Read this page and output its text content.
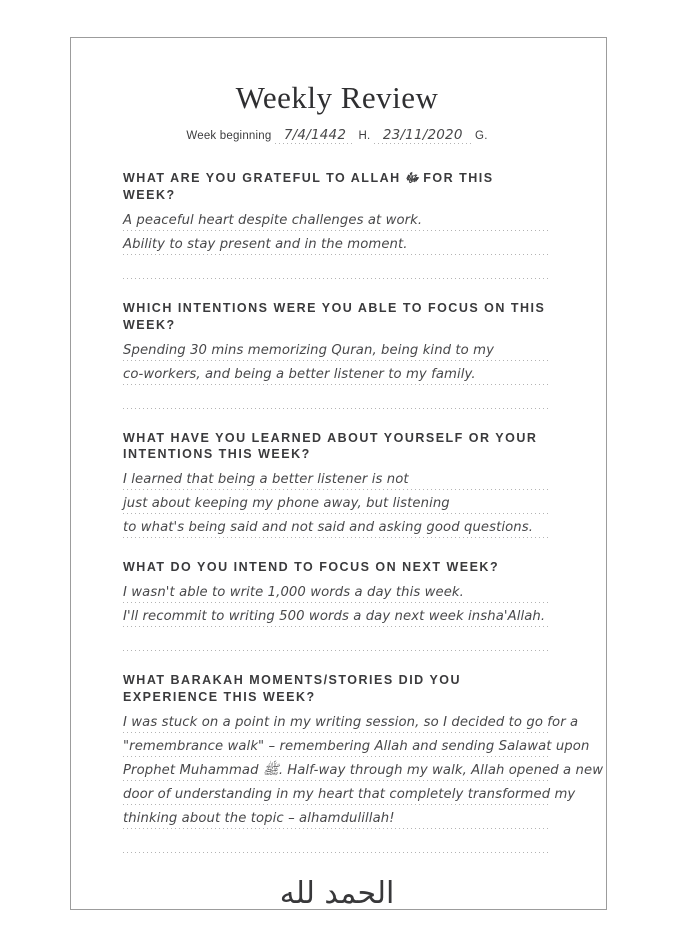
Weekly Review
Week beginning 7/4/1442 H. 23/11/2020 G.
WHAT ARE YOU GRATEFUL TO ALLAH ﷻ FOR THIS WEEK?
A peaceful heart despite challenges at work.
Ability to stay present and in the moment.
WHICH INTENTIONS WERE YOU ABLE TO FOCUS ON THIS WEEK?
Spending 30 mins memorizing Quran, being kind to my
co-workers, and being a better listener to my family.
WHAT HAVE YOU LEARNED ABOUT YOURSELF OR YOUR INTENTIONS THIS WEEK?
I learned that being a better listener is not
just about keeping my phone away, but listening
to what's being said and not said and asking good questions.
WHAT DO YOU INTEND TO FOCUS ON NEXT WEEK?
I wasn't able to write 1,000 words a day this week.
I'll recommit to writing 500 words a day next week insha'Allah.
WHAT BARAKAH MOMENTS/STORIES DID YOU EXPERIENCE THIS WEEK?
I was stuck on a point in my writing session, so I decided to go for a
"remembrance walk" – remembering Allah and sending Salawat upon
Prophet Muhammad ﷺ. Half-way through my walk, Allah opened a new
door of understanding in my heart that completely transformed my
thinking about the topic – alhamdulillah!
الحمد لله
